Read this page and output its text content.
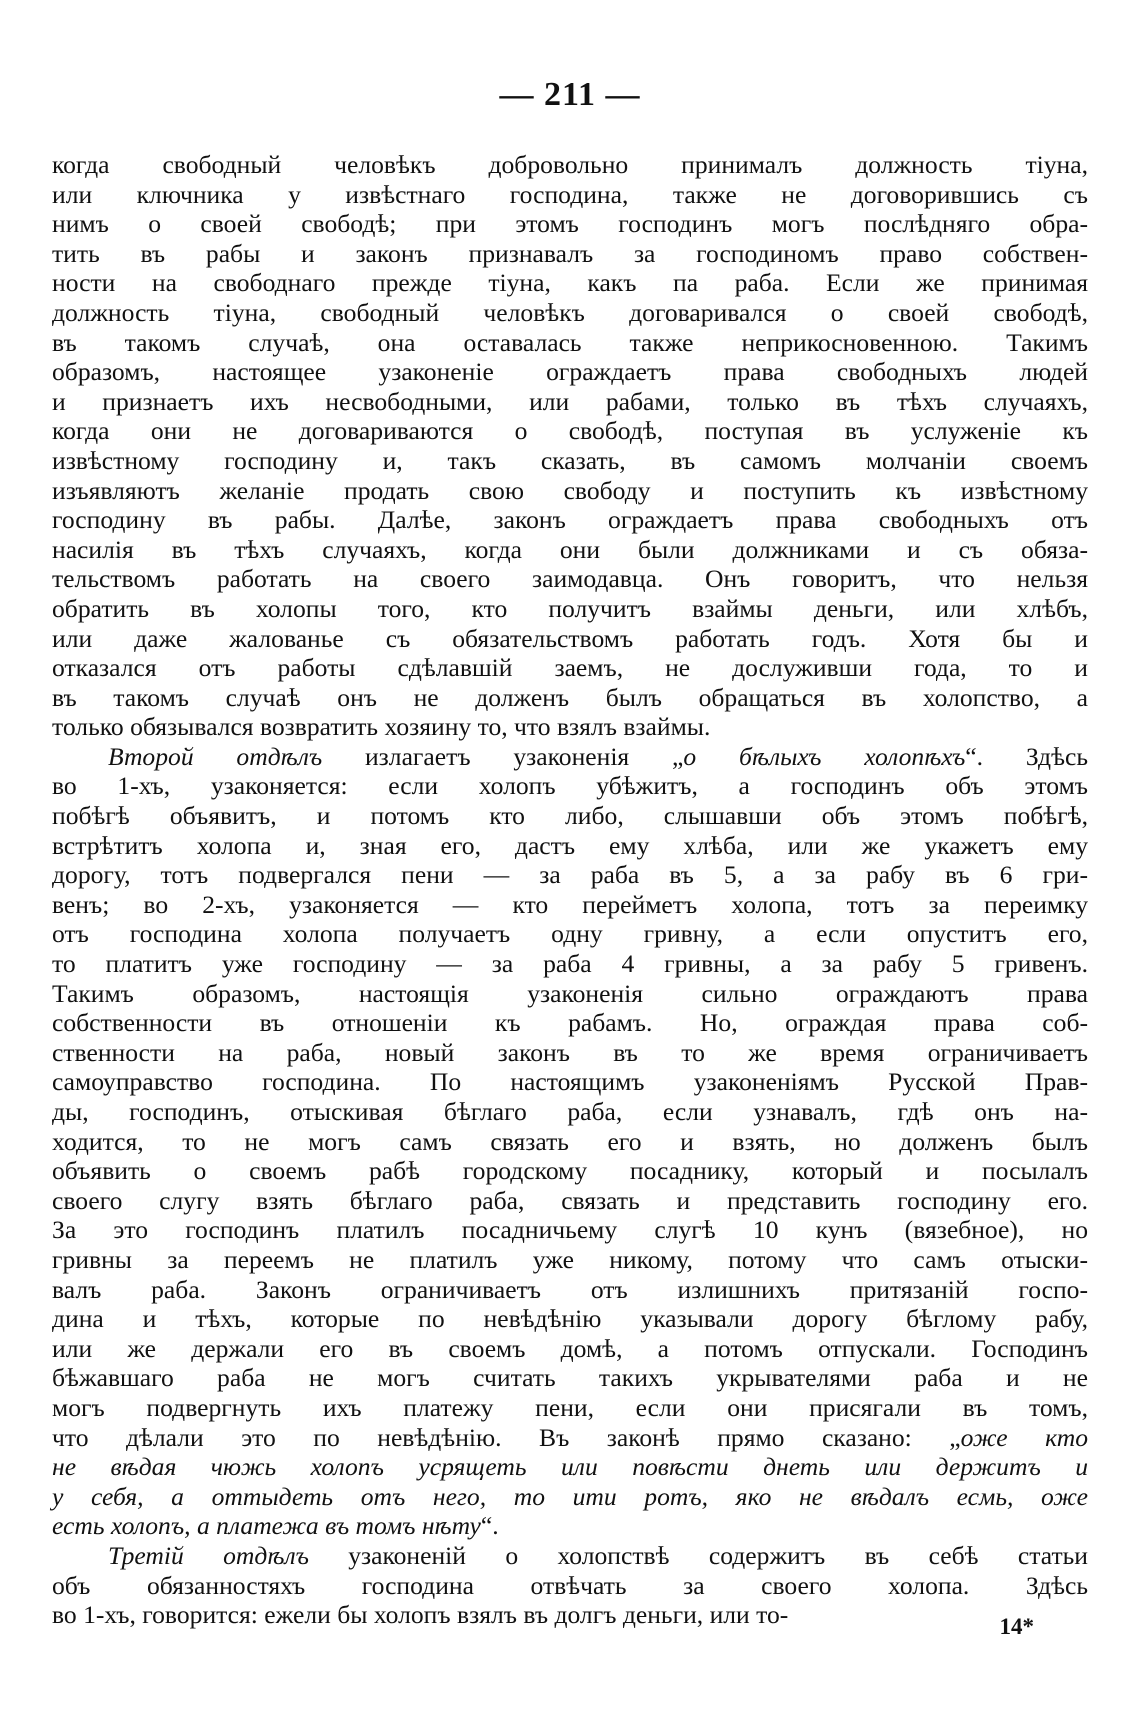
— 211 —
когда свободный человѣкъ добровольно принималъ должность тіуна,
или ключника у извѣстнаго господина, также не договорившись съ
нимъ о своей свободѣ; при этомъ господинъ могъ послѣдняго обра-
тить въ рабы и законъ признавалъ за господиномъ право собствен-
ности на свободнаго прежде тіуна, какъ па раба. Если же принимая
должность тіуна, свободный человѣкъ договаривался о своей свободѣ,
въ такомъ случаѣ, она оставалась также неприкосновенною. Такимъ
образомъ, настоящее узаконеніе ограждаетъ права свободныхъ людей
и признаетъ ихъ несвободными, или рабами, только въ тѣхъ случаяхъ,
когда они не договариваются о свободѣ, поступая въ услуженіе къ
извѣстному господину и, такъ сказать, въ самомъ молчаніи своемъ
изъявляютъ желаніе продать свою свободу и поступить къ извѣстному
господину въ рабы. Далѣе, законъ ограждаетъ права свободныхъ отъ
насилія въ тѣхъ случаяхъ, когда они были должниками и съ обяза-
тельствомъ работать на своего заимодавца. Онъ говоритъ, что нельзя
обратить въ холопы того, кто получитъ взаймы деньги, или хлѣбъ,
или даже жалованье съ обязательствомъ работать годъ. Хотя бы и
отказался отъ работы сдѣлавшій заемъ, не дослуживши года, то и
въ такомъ случаѣ онъ не долженъ былъ обращаться въ холопство, а
только обязывался возвратить хозяину то, что взялъ взаймы.
Второй отдѣлъ излагаетъ узаконенія „о бѣлыхъ холопѣхъ“. Здѣсь
во 1-хъ, узаконяется: если холопъ убѣжитъ, а господинъ объ этомъ
побѣгѣ объявитъ, и потомъ кто либо, слышавши объ этомъ побѣгѣ,
встрѣтитъ холопа и, зная его, дастъ ему хлѣба, или же укажетъ ему
дорогу, тотъ подвергался пени — за раба въ 5, а за рабу въ 6 гри-
венъ; во 2-хъ, узаконяется — кто перейметъ холопа, тотъ за переимку
отъ господина холопа получаетъ одну гривну, а если опуститъ его,
то платитъ уже господину — за раба 4 гривны, а за рабу 5 гривенъ.
Такимъ образомъ, настоящія узаконенія сильно ограждаютъ права
собственности въ отношеніи къ рабамъ. Но, ограждая права соб-
ственности на раба, новый законъ въ то же время ограничиваетъ
самоуправство господина. По настоящимъ узаконеніямъ Русской Прав-
ды, господинъ, отыскивая бѣглаго раба, если узнавалъ, гдѣ онъ на-
ходится, то не могъ самъ связать его и взять, но долженъ былъ
объявить о своемъ рабѣ городскому посаднику, который и посылалъ
своего слугу взять бѣглаго раба, связать и представить господину его.
За это господинъ платилъ посадничьему слугѣ 10 кунъ (вязебное), но
гривны за переемъ не платилъ уже никому, потому что самъ отыски-
валъ раба. Законъ ограничиваетъ отъ излишнихъ притязаній госпо-
дина и тѣхъ, которые по невѣдѣнію указывали дорогу бѣглому рабу,
или же держали его въ своемъ домѣ, а потомъ отпускали. Господинъ
бѣжавшаго раба не могъ считать такихъ укрывателями раба и не
могъ подвергнуть ихъ платежу пени, если они присягали въ томъ,
что дѣлали это по невѣдѣнію. Въ законѣ прямо сказано: „оже кто
не вѣдая чюжь холопъ усрящеть или повѣсти днеть или держитъ и
у себя, а оттыдеть отъ него, то ити ротъ, яко не вѣдалъ есмь, оже
есть холопъ, а платежа въ томъ нѣту“.
Третій отдѣлъ узаконеній о холопствѣ содержитъ въ себѣ статьи
объ обязанностяхъ господина отвѣчать за своего холопа. Здѣсь
во 1-хъ, говорится: ежели бы холопъ взялъ въ долгъ деньги, или то-	14*
